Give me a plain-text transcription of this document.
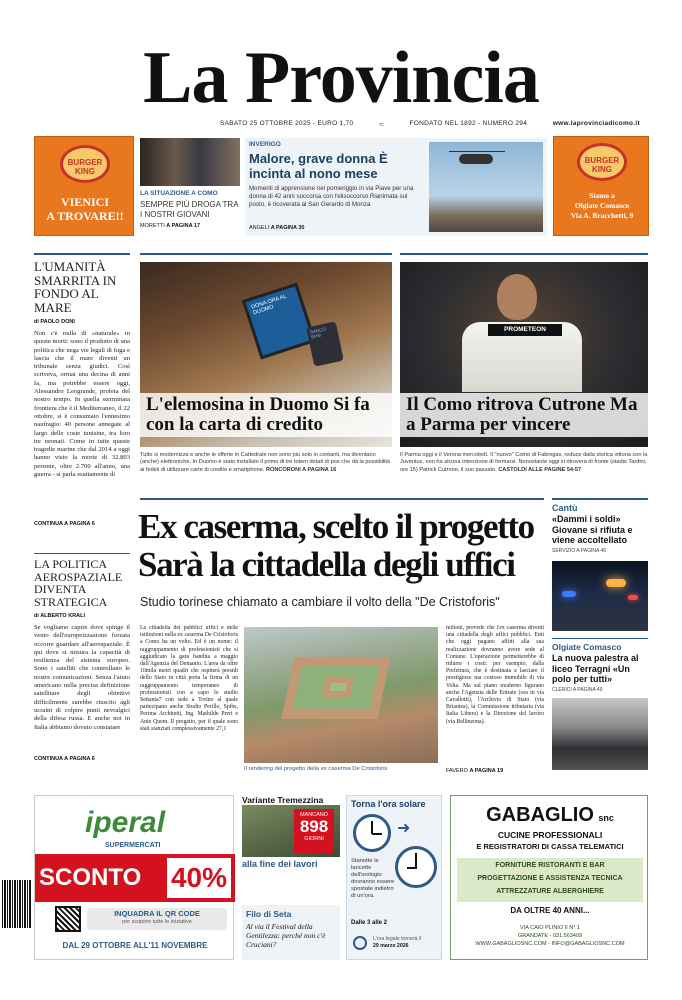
La Provincia
SABATO 25 OTTOBRE 2025 - EURO 1,70	≈	FONDATO NEL 1892 - NUMERO 294	www.laprovinciadicomo.it
BURGER KING
VIENICI
A TROVARE!!
LA SITUAZIONE A COMO
SEMPRE PIÙ DROGA TRA I NOSTRI GIOVANI
MORETTI A PAGINA 17
INVERIGO
Malore, grave donna È incinta al nono mese
Momenti di apprensione nel pomeriggio in via Piave per una donna di 42 anni soccorsa con l'elisoccorso Rianimata sul posto, è ricoverata al San Gerardo di Monza
ANGELI A PAGINA 30
BURGER KING
Siamo a
Olgiate Comasco
Via A. Bracchetti, 9
L'UMANITÀ SMARRITA IN FONDO AL MARE
di PAOLO DONI
Non c'è nulla di «naturale» in queste morti: sono il prodotto di una politica che nega vie legali di fuga e lascia che il mare diventi un tribunale senza giudici. Così scriveva, ormai una decina di anni fa, ma potrebbe essere oggi, Alessandro Leogrande, profeta del nostro tempo. In quella sterminata frontiera che è il Mediterraneo, il 22 ottobre, si è consumato l'ennesimo naufragio: 40 persone annegate al largo delle coste tunisine, tra loro tre neonati. Come in tutte queste tragedie marine che dal 2014 a oggi hanno visto la morte di 32.803 persone, oltre 2.700 all'anno, una guerra - si parla esattamente di
CONTINUA A PAGINA 6
LA POLITICA AEROSPAZIALE DIVENTA STRATEGICA
di ALBERTO KRALI
Se vogliamo capire dove spinge il vento dell'europeizzazione forzata occorre guardare all'aerospaziale. È qui dove si misura la capacità di resilienza del sistema europeo. Sono i satelliti che controllano le nostre comunicazioni. Senza l'aiuto americano nella precisa definizione satellitare degli obiettivi difficilmente sarebbe riuscito agli ucraini di colpire punti nevralgici della difesa russa. E anche noi in Italia abbiamo dovuto constatare
CONTINUA A PAGINA 6
DONA ORA AL DUOMO
BANCO BPM
L'elemosina in Duomo Si fa con la carta di credito
Tutto si modernizza e anche le offerte in Cattedrale non sono più solo in contanti, ma diventano (anche) elettroniche. In Duomo è stato installato il primo di tre totem dotati di pos che dà la possibilità ai fedeli di utilizzare carte di credito e smartphone. RONCORONI A PAGINA 16
PROMETEON
Il Como ritrova Cutrone Ma a Parma per vincere
Il Parma oggi e il Verona mercoledì. Il "nuovo" Como di Fabregas, reduce dalla storica vittoria con la Juventus, non ha alcuna intenzione di fermarsi. Nonostante oggi si ritroverà di fronte (stadio Tardini, ore 15) Patrick Cutrone, il suo passato. CASTOLDI ALLE PAGINE 54-57
Ex caserma, scelto il progetto Sarà la cittadella degli uffici
Studio torinese chiamato a cambiare il volto della "De Cristoforis"
La cittadella dei pubblici uffici e delle istituzioni nella ex caserma De Cristoforis a Como ha un volto. Ed è un nome: il raggruppamento di professionisti che si aggiudicato la gara bandita a maggio dall'Agenzia del Demanio. L'area da oltre 10mila metri quadri che ospiterà presidi dello Stato in città porta la firma di un raggruppamento temporaneo di professionisti con a capo lo studio Settanta7 con sede a Torino al quale partecipano anche Studio Perillo, Spibs, Perima Architetti, Ing. Mathilde Perri e Ante Quem. Il progetto, per il quale sono stati stanziati complessivamente 27,1
Il rendering del progetto della ex caserma De Cristoforis
milioni, prevede che l'ex caserma diventi una cittadella degli uffici pubblici. Enti che oggi pagano affitti alla sua realizzazione dovranno avere sede al Comune. L'operazione permetterebbe di ridurre i costi: per esempio, dalla Prefettura, che è destinata a lasciare il prestigioso ma costoso immobile di via Volta. Ma sul piano moderno figurano anche l'Agenzia delle Entrate (ora in via Cavallotti), l'Archivio di Stato (via Briantea), la Commissione tributaria (via Italia Libera) e la Direzione del lavoro (via Bellinzona).
FAVERO A PAGINA 19
Cantù
«Dammi i soldi» Giovane si rifiuta e viene accoltellato
SERVIZIO A PAGINA 46
Olgiate Comasco
La nuova palestra al liceo Terragni «Un polo per tutti»
CLERICI A PAGINA 40
iperal
SUPERMERCATI
SCONTO 40%
INQUADRA IL QR CODE
per scoprire tutte le iniziative
DAL 29 OTTOBRE ALL'11 NOVEMBRE
Variante Tremezzina
MANCANO
898
GIORNI
alla fine dei lavori
Filo di Seta
Al via il Festival della Gentilezza: perché non c'è Cruciani?
Torna l'ora solare
➜
Stanotte le lancette dell'orologio dovranno essere spostate indietro di un'ora.
Dalle 3 alle 2
L'ora legale tornerà il
29 marzo 2026
GABAGLIO snc
CUCINE PROFESSIONALI
E REGISTRATORI DI CASSA TELEMATICI
FORNITURE RISTORANTI E BAR
PROGETTAZIONE E ASSISTENZA TECNICA
ATTREZZATURE ALBERGHIERE
DA OLTRE 40 ANNI...
VIA CAIO PLINIO II N° 1
GRANDATE - 031.563409
WWW.GABAGLIOSNC.COM - INFO@GABAGLIOSNC.COM
